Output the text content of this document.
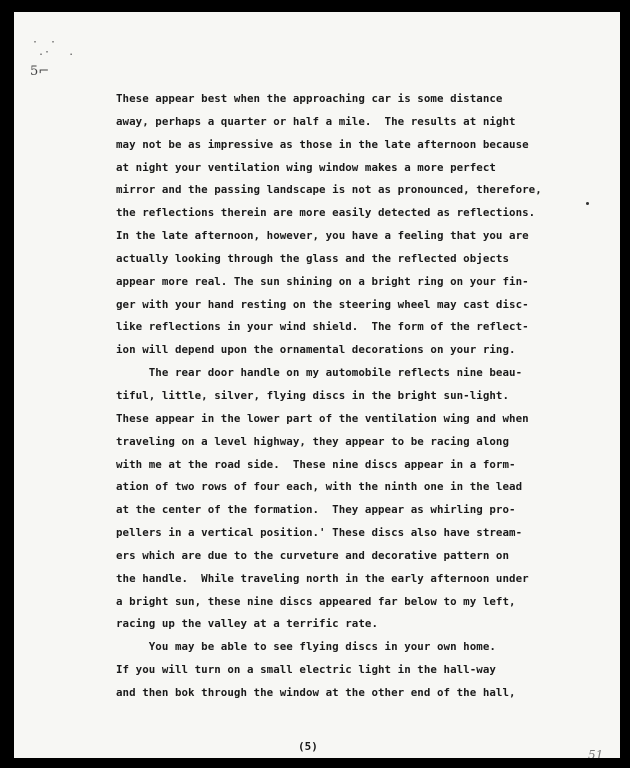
·  ·
.·   .
5⌐
These appear best when the approaching car is some distance
away, perhaps a quarter or half a mile.  The results at night
may not be as impressive as those in the late afternoon because
at night your ventilation wing window makes a more perfect
mirror and the passing landscape is not as pronounced, therefore,
the reflections therein are more easily detected as reflections.
In the late afternoon, however, you have a feeling that you are
actually looking through the glass and the reflected objects
appear more real. The sun shining on a bright ring on your fin-
ger with your hand resting on the steering wheel may cast disc-
like reflections in your wind shield.  The form of the reflect-
ion will depend upon the ornamental decorations on your ring.
The rear door handle on my automobile reflects nine beau-
tiful, little, silver, flying discs in the bright sun-light.
These appear in the lower part of the ventilation wing and when
traveling on a level highway, they appear to be racing along
with me at the road side.  These nine discs appear in a form-
ation of two rows of four each, with the ninth one in the lead
at the center of the formation.  They appear as whirling pro-
pellers in a vertical position.' These discs also have stream-
ers which are due to the curveture and decorative pattern on
the handle.  While traveling north in the early afternoon under
a bright sun, these nine discs appeared far below to my left,
racing up the valley at a terrific rate.
You may be able to see flying discs in your own home.
If you will turn on a small electric light in the hall-way
and then bok through the window at the other end of the hall,
(5)
51
